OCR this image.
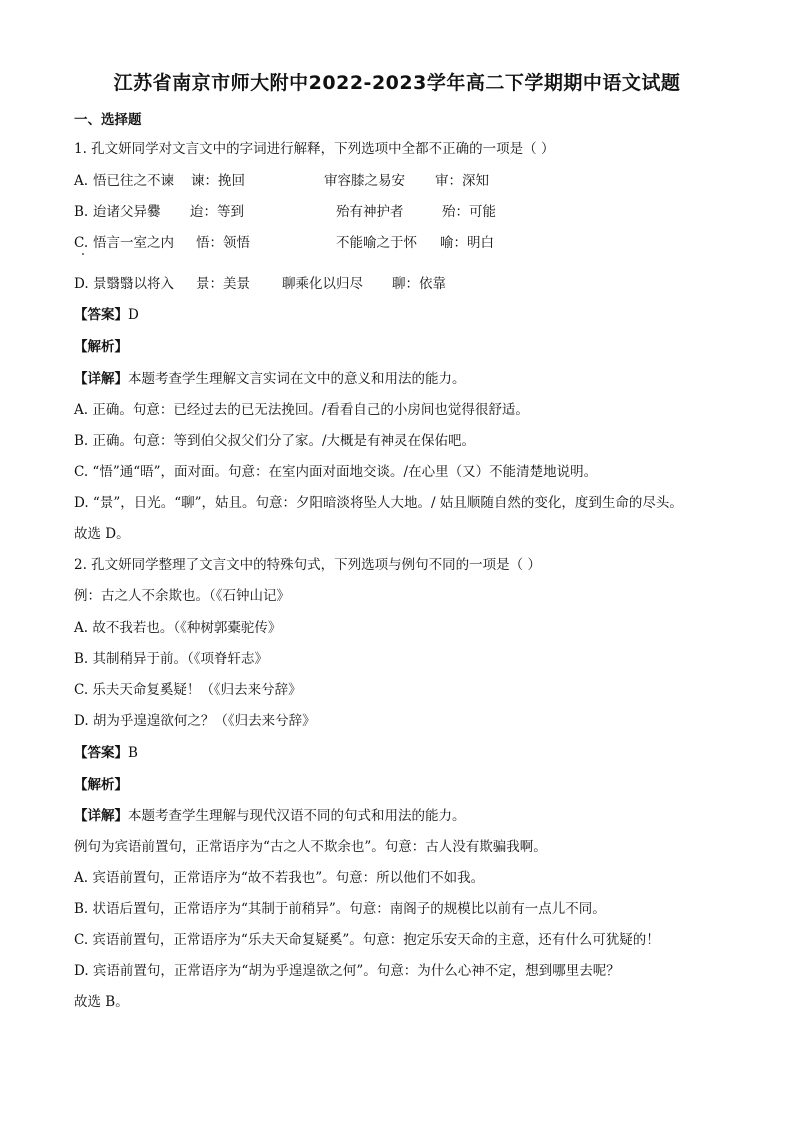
江苏省南京市师大附中2022-2023学年高二下学期期中语文试题
一、选择题
1. 孔文妍同学对文言文中的字词进行解释，下列选项中全都不正确的一项是（ ）
A. 悟已往之不谏 谏：挽回	审容膝之易安 审：深知
B. 迨诸父异爨 迨：等到	殆有神护者	殆：可能
C. 悟言一室之内 悟：领悟	不能喻之于怀 喻：明白
D. 景翳翳以将入 景：美景 聊乘化以归尽 聊：依靠
【答案】D
【解析】
【详解】本题考查学生理解文言实词在文中的意义和用法的能力。
A. 正确。句意：已经过去的已无法挽回。/看看自己的小房间也觉得很舒适。
B. 正确。句意：等到伯父叔父们分了家。/大概是有神灵在保佑吧。
C. “悟”通“晤”，面对面。句意：在室内面对面地交谈。/在心里（又）不能清楚地说明。
D. “景”，日光。“聊”，姑且。句意：夕阳暗淡将坠人大地。/ 姑且顺随自然的变化，度到生命的尽头。
故选 D。
2. 孔文妍同学整理了文言文中的特殊句式，下列选项与例句不同的一项是（ ）
例：古之人不余欺也。（《石钟山记》
A. 故不我若也。（《种树郭橐驼传》
B. 其制稍异于前。（《项脊轩志》
C. 乐夫天命复奚疑！（《归去来兮辞》
D. 胡为乎遑遑欲何之？（《归去来兮辞》
【答案】B
【解析】
【详解】本题考查学生理解与现代汉语不同的句式和用法的能力。
例句为宾语前置句，正常语序为“古之人不欺余也”。句意：古人没有欺骗我啊。
A. 宾语前置句，正常语序为“故不若我也”。句意：所以他们不如我。
B. 状语后置句，正常语序为“其制于前稍异”。句意：南阁子的规模比以前有一点儿不同。
C. 宾语前置句，正常语序为“乐夫天命复疑奚”。句意：抱定乐安天命的主意，还有什么可犹疑的！
D. 宾语前置句，正常语序为“胡为乎遑遑欲之何”。句意：为什么心神不定，想到哪里去呢？
故选 B。
